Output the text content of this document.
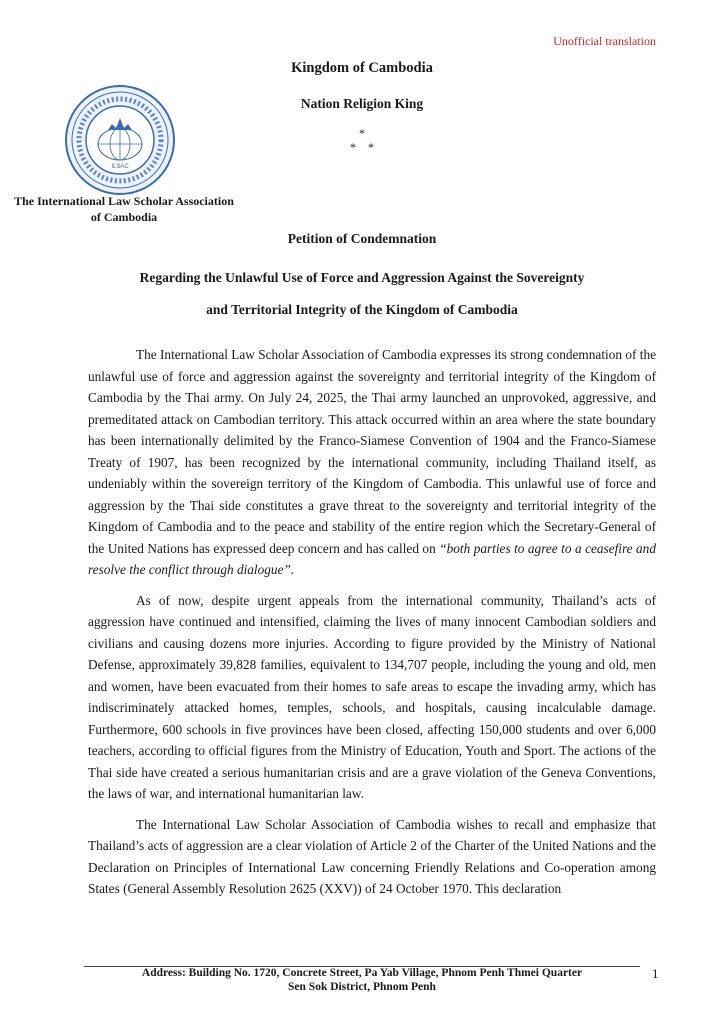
Unofficial translation
Kingdom of Cambodia
Nation Religion King
*
*    *
ILSAC
The International Law Scholar Association
of Cambodia
Petition of Condemnation
Regarding the Unlawful Use of Force and Aggression Against the Sovereignty
and Territorial Integrity of the Kingdom of Cambodia

The International Law Scholar Association of Cambodia expresses its strong condemnation of the unlawful use of force and aggression against the sovereignty and territorial integrity of the Kingdom of Cambodia by the Thai army. On July 24, 2025, the Thai army launched an unprovoked, aggressive, and premeditated attack on Cambodian territory. This attack occurred within an area where the state boundary has been internationally delimited by the Franco-Siamese Convention of 1904 and the Franco-Siamese Treaty of 1907, has been recognized by the international community, including Thailand itself, as undeniably within the sovereign territory of the Kingdom of Cambodia. This unlawful use of force and aggression by the Thai side constitutes a grave threat to the sovereignty and territorial integrity of the Kingdom of Cambodia and to the peace and stability of the entire region which the Secretary-General of the United Nations has expressed deep concern and has called on “both parties to agree to a ceasefire and resolve the conflict through dialogue”.

As of now, despite urgent appeals from the international community, Thailand’s acts of aggression have continued and intensified, claiming the lives of many innocent Cambodian soldiers and civilians and causing dozens more injuries. According to figure provided by the Ministry of National Defense, approximately 39,828 families, equivalent to 134,707 people, including the young and old, men and women, have been evacuated from their homes to safe areas to escape the invading army, which has indiscriminately attacked homes, temples, schools, and hospitals, causing incalculable damage. Furthermore, 600 schools in five provinces have been closed, affecting 150,000 students and over 6,000 teachers, according to official figures from the Ministry of Education, Youth and Sport. The actions of the Thai side have created a serious humanitarian crisis and are a grave violation of the Geneva Conventions, the laws of war, and international humanitarian law.

The International Law Scholar Association of Cambodia wishes to recall and emphasize that Thailand’s acts of aggression are a clear violation of Article 2 of the Charter of the United Nations and the Declaration on Principles of International Law concerning Friendly Relations and Co-operation among States (General Assembly Resolution 2625 (XXV)) of 24 October 1970. This declaration

Address: Building No. 1720, Concrete Street, Pa Yab Village, Phnom Penh Thmei Quarter
Sen Sok District, Phnom Penh
1
